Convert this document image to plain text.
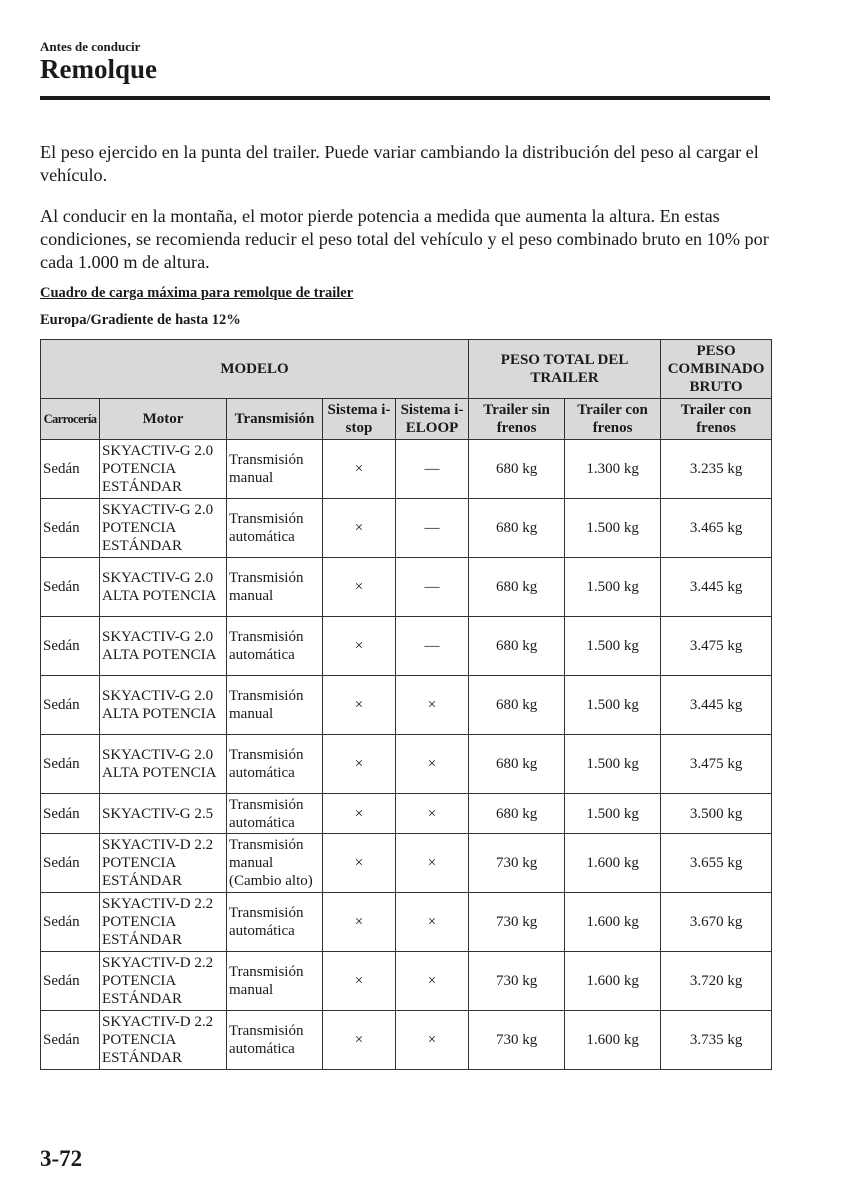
Antes de conducir
Remolque

El peso ejercido en la punta del trailer. Puede variar cambiando la distribución del peso al cargar el vehículo.

Al conducir en la montaña, el motor pierde potencia a medida que aumenta la altura. En estas condiciones, se recomienda reducir el peso total del vehículo y el peso combinado bruto en 10% por cada 1.000 m de altura.

Cuadro de carga máxima para remolque de trailer
Europa/Gradiente de hasta 12%
MODELO					PESO TOTAL DEL TRAILER		PESO COMBINADO BRUTO
Carrocería	Motor	Transmisión	Sistema i-stop	Sistema i-ELOOP	Trailer sin frenos	Trailer con frenos	Trailer con frenos
Sedán	SKYACTIV-G 2.0 POTENCIA ESTÁNDAR	Transmisión manual	×	—	680 kg	1.300 kg	3.235 kg
Sedán	SKYACTIV-G 2.0 POTENCIA ESTÁNDAR	Transmisión automática	×	—	680 kg	1.500 kg	3.465 kg
Sedán	SKYACTIV-G 2.0 ALTA POTENCIA	Transmisión manual	×	—	680 kg	1.500 kg	3.445 kg
Sedán	SKYACTIV-G 2.0 ALTA POTENCIA	Transmisión automática	×	—	680 kg	1.500 kg	3.475 kg
Sedán	SKYACTIV-G 2.0 ALTA POTENCIA	Transmisión manual	×	×	680 kg	1.500 kg	3.445 kg
Sedán	SKYACTIV-G 2.0 ALTA POTENCIA	Transmisión automática	×	×	680 kg	1.500 kg	3.475 kg
Sedán	SKYACTIV-G 2.5	Transmisión automática	×	×	680 kg	1.500 kg	3.500 kg
Sedán	SKYACTIV-D 2.2 POTENCIA ESTÁNDAR	Transmisión manual (Cambio alto)	×	×	730 kg	1.600 kg	3.655 kg
Sedán	SKYACTIV-D 2.2 POTENCIA ESTÁNDAR	Transmisión automática	×	×	730 kg	1.600 kg	3.670 kg
Sedán	SKYACTIV-D 2.2 POTENCIA ESTÁNDAR	Transmisión manual	×	×	730 kg	1.600 kg	3.720 kg
Sedán	SKYACTIV-D 2.2 POTENCIA ESTÁNDAR	Transmisión automática	×	×	730 kg	1.600 kg	3.735 kg
3-72
